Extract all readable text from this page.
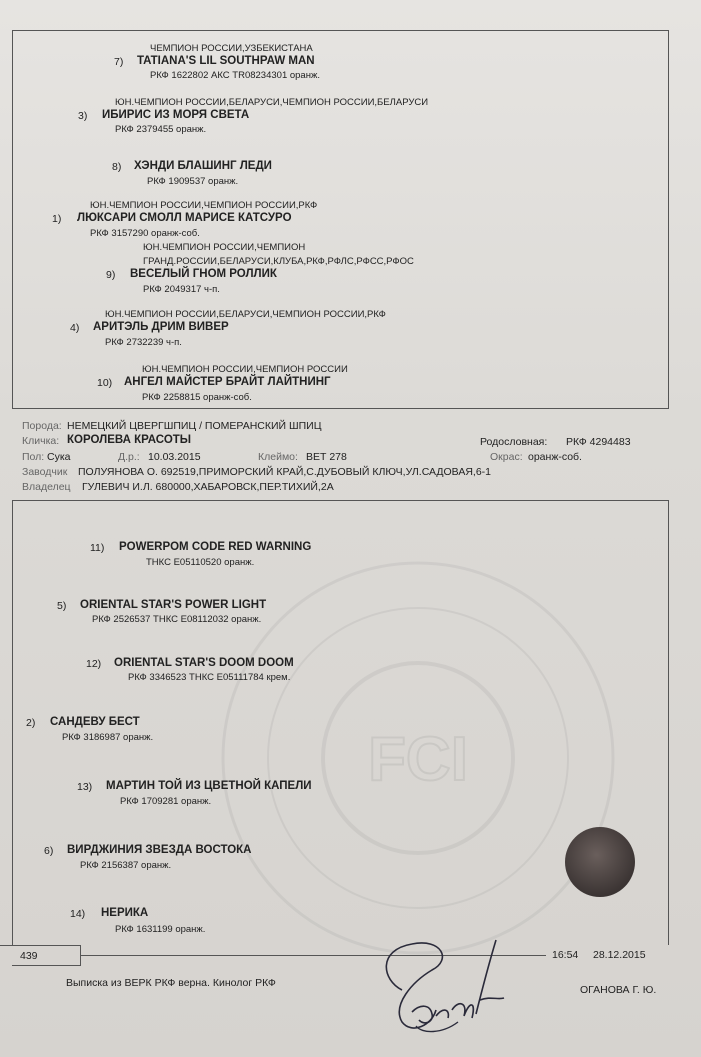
FCI
ЧЕМПИОН РОССИИ,УЗБЕКИСТАНА
7) TATIANA'S LIL SOUTHPAW MAN
РКФ 1622802 АКС TR08234301 оранж.
ЮН.ЧЕМПИОН РОССИИ,БЕЛАРУСИ,ЧЕМПИОН РОССИИ,БЕЛАРУСИ
3) ИБИРИС ИЗ МОРЯ СВЕТА
РКФ 2379455 оранж.
8) ХЭНДИ БЛАШИНГ ЛЕДИ
РКФ 1909537 оранж.
ЮН.ЧЕМПИОН РОССИИ,ЧЕМПИОН РОССИИ,РКФ
1) ЛЮКСАРИ СМОЛЛ МАРИСЕ КАТСУРО
РКФ 3157290 оранж-соб.
ЮН.ЧЕМПИОН РОССИИ,ЧЕМПИОН
ГРАНД.РОССИИ,БЕЛАРУСИ,КЛУБА,РКФ,РФЛС,РФСС,РФОС
9) ВЕСЕЛЫЙ ГНОМ РОЛЛИК
РКФ 2049317 ч-п.
ЮН.ЧЕМПИОН РОССИИ,БЕЛАРУСИ,ЧЕМПИОН РОССИИ,РКФ
4) АРИТЭЛЬ ДРИМ ВИВЕР
РКФ 2732239 ч-п.
ЮН.ЧЕМПИОН РОССИИ,ЧЕМПИОН РОССИИ
10) АНГЕЛ МАЙСТЕР БРАЙТ ЛАЙТНИНГ
РКФ 2258815 оранж-соб.
Порода: НЕМЕЦКИЙ ЦВЕРГШПИЦ / ПОМЕРАНСКИЙ ШПИЦ
Кличка: КОРОЛЕВА КРАСОТЫ	Родословная: РКФ 4294483
Пол: Сука	Д.р.: 10.03.2015	Клеймо: ВЕТ 278	Окрас: оранж-соб.
Заводчик ПОЛУЯНОВА О. 692519,ПРИМОРСКИЙ КРАЙ,С.ДУБОВЫЙ КЛЮЧ,УЛ.САДОВАЯ,6-1
Владелец ГУЛЕВИЧ И.Л. 680000,ХАБАРОВСК,ПЕР.ТИХИЙ,2А
11) POWERPOM CODE RED WARNING
ТНКС Е05110520 оранж.
5) ORIENTAL STAR'S POWER LIGHT
РКФ 2526537 ТНКС Е08112032 оранж.
12) ORIENTAL STAR'S DOOM DOOM
РКФ 3346523 ТНКС Е05111784 крем.
2) САНДЕВУ БЕСТ
РКФ 3186987 оранж.
13) МАРТИН ТОЙ ИЗ ЦВЕТНОЙ КАПЕЛИ
РКФ 1709281 оранж.
6) ВИРДЖИНИЯ ЗВЕЗДА ВОСТОКА
РКФ 2156387 оранж.
14) НЕРИКА
РКФ 1631199 оранж.
439	16:54 28.12.2015
Выписка из ВЕРК РКФ верна. Кинолог РКФ
ОГАНОВА Г. Ю.
